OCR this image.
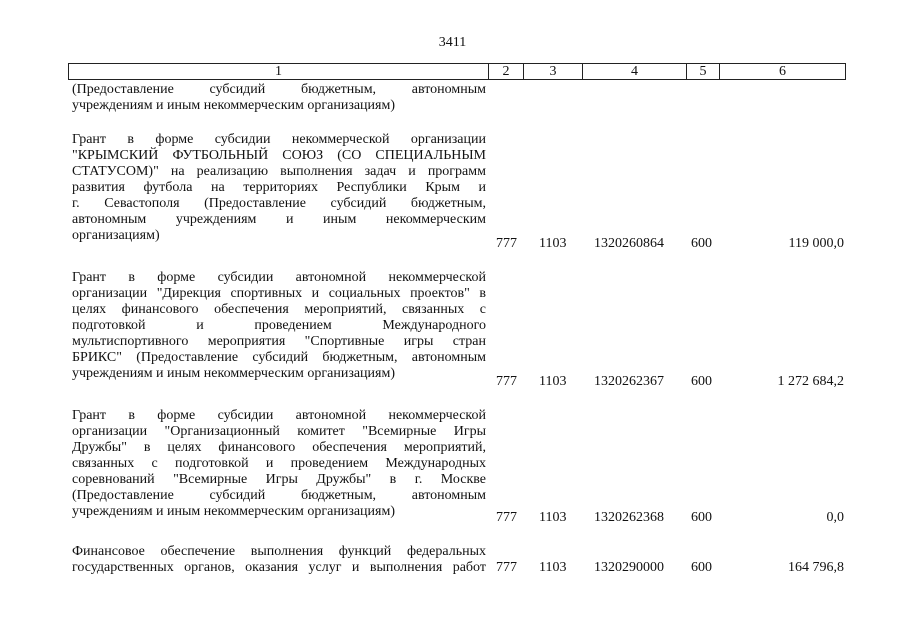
3411
1	2	3	4	5	6
(Предоставление субсидий бюджетным, автономным
учреждениям и иным некоммерческим организациям)
Грант в форме субсидии некоммерческой организации
"КРЫМСКИЙ ФУТБОЛЬНЫЙ СОЮЗ (СО СПЕЦИАЛЬНЫМ
СТАТУСОМ)" на реализацию выполнения задач и программ
развития футбола на территориях Республики Крым и
г. Севастополя (Предоставление субсидий бюджетным,
автономным учреждениям и иным некоммерческим
организациям)
777 1103 1320260864 600	119 000,0
Грант в форме субсидии автономной некоммерческой
организации "Дирекция спортивных и социальных проектов" в
целях финансового обеспечения мероприятий, связанных с
подготовкой и проведением Международного
мультиспортивного мероприятия "Спортивные игры стран
БРИКС" (Предоставление субсидий бюджетным, автономным
учреждениям и иным некоммерческим организациям)
777 1103 1320262367 600	1 272 684,2
Грант в форме субсидии автономной некоммерческой
организации "Организационный комитет "Всемирные Игры
Дружбы" в целях финансового обеспечения мероприятий,
связанных с подготовкой и проведением Международных
соревнований "Всемирные Игры Дружбы" в г. Москве
(Предоставление субсидий бюджетным, автономным
учреждениям и иным некоммерческим организациям)	777 1103 1320262368 600	0,0
Финансовое обеспечение выполнения функций федеральных
государственных органов, оказания услуг и выполнения работ 777 1103 1320290000 600	164 796,8
